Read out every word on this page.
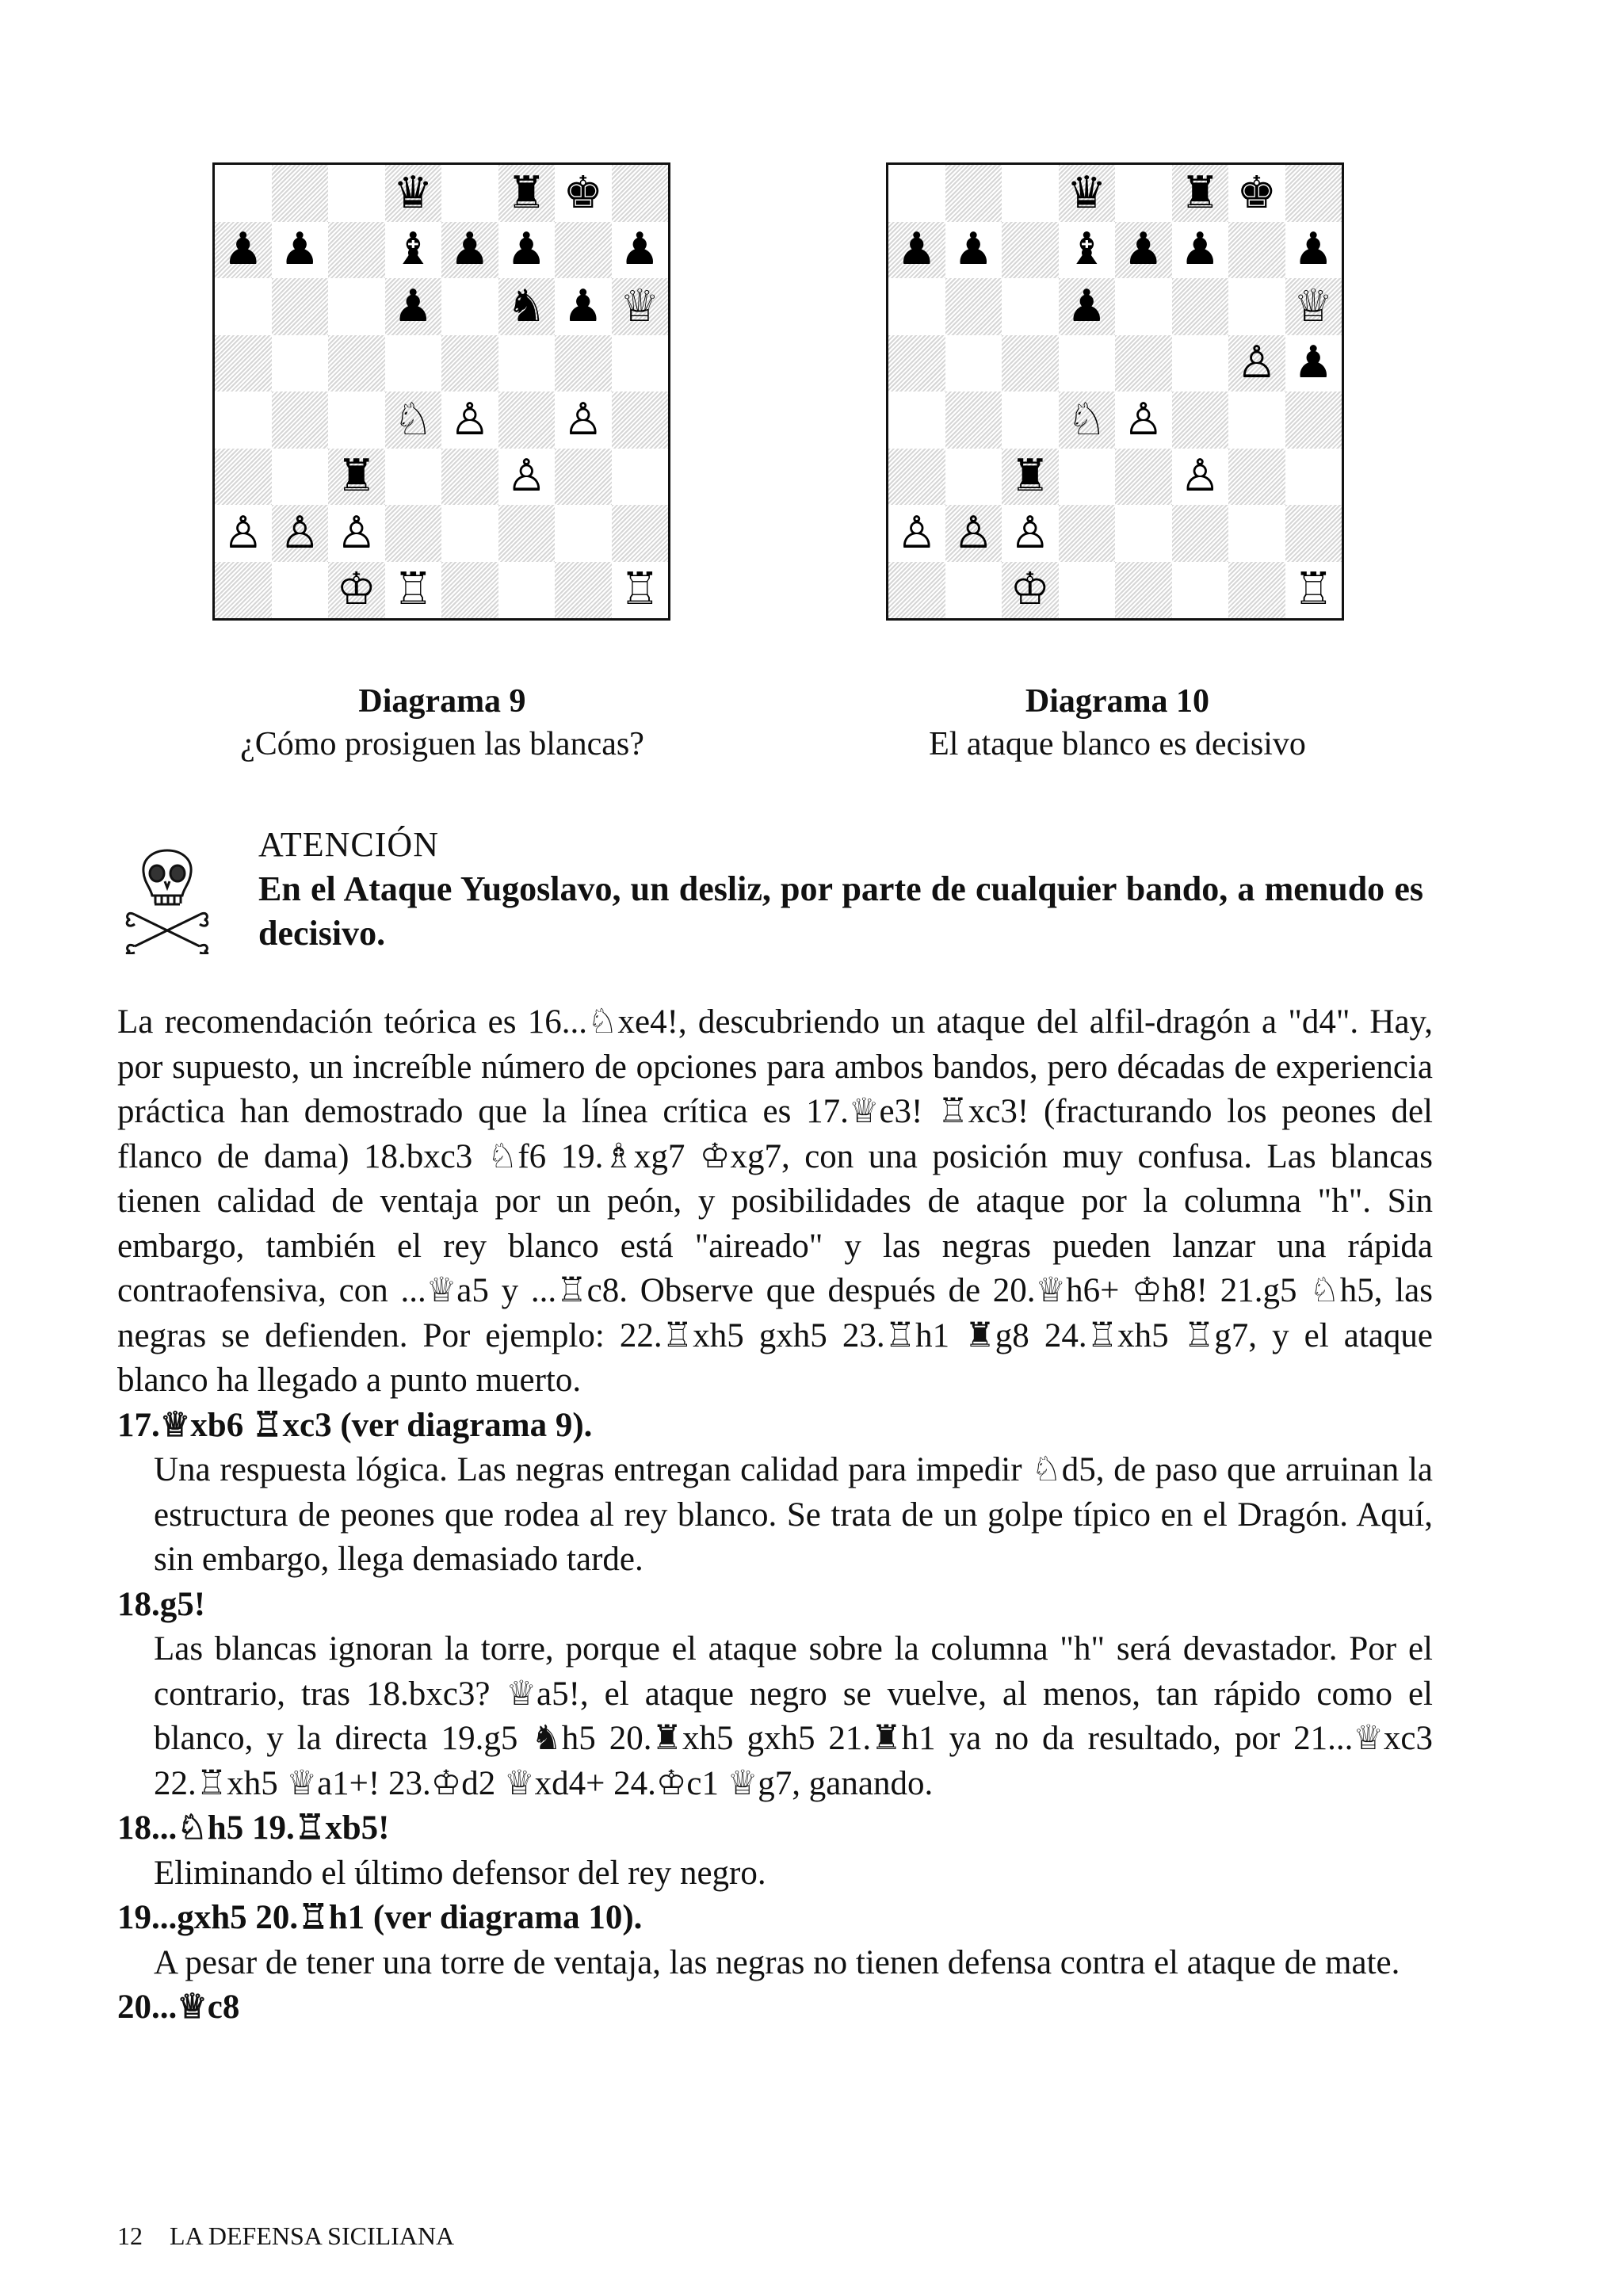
♛ ♜ ♚
♟ ♟ ♝ ♟ ♟ ♟
♟ ♞ ♟ ♕
♘ ♙ ♙
♜	♙
♙ ♙ ♙
♔ ♖	♖
♛ ♜ ♚
♟ ♟ ♝ ♟ ♟ ♟
♟	♕
♙ ♟
♘ ♙
♜	♙
♙ ♙ ♙
♔	♖
Diagrama 9
¿Cómo prosiguen las blancas?
Diagrama 10
El ataque blanco es decisivo
ATENCIÓN
En el Ataque Yugoslavo, un desliz, por parte de cualquier bando, a menudo es decisivo.

La recomendación teórica es 16...♘xe4!, descubriendo un ataque del alfil-dragón a "d4". Hay, por supuesto, un increíble número de opciones para ambos bandos, pero décadas de experiencia práctica han demostrado que la línea crítica es 17.♕e3! ♖xc3! (fracturando los peones del flanco de dama) 18.bxc3 ♘f6 19.♗xg7 ♔xg7, con una posición muy confusa. Las blancas tienen calidad de ventaja por un peón, y posibilidades de ataque por la columna "h". Sin embargo, también el rey blanco está "aireado" y las negras pueden lanzar una rápida contraofensiva, con ...♕a5 y ...♖c8. Observe que después de 20.♕h6+ ♔h8! 21.g5 ♘h5, las negras se defienden. Por ejemplo: 22.♖xh5 gxh5 23.♖h1 ♜g8 24.♖xh5 ♖g7, y el ataque blanco ha llegado a punto muerto.

17.♕xb6 ♖xc3 (ver diagrama 9).

Una respuesta lógica. Las negras entregan calidad para impedir ♘d5, de paso que arruinan la estructura de peones que rodea al rey blanco. Se trata de un golpe típico en el Dragón. Aquí, sin embargo, llega demasiado tarde.

18.g5!

Las blancas ignoran la torre, porque el ataque sobre la columna "h" será devastador. Por el contrario, tras 18.bxc3? ♕a5!, el ataque negro se vuelve, al menos, tan rápido como el blanco, y la directa 19.g5 ♞h5 20.♜xh5 gxh5 21.♜h1 ya no da resultado, por 21...♕xc3 22.♖xh5 ♕a1+! 23.♔d2 ♕xd4+ 24.♔c1 ♕g7, ganando.

18...♘h5 19.♖xb5!

Eliminando el último defensor del rey negro.

19...gxh5 20.♖h1 (ver diagrama 10).

A pesar de tener una torre de ventaja, las negras no tienen defensa contra el ataque de mate.

20...♕c8

12 LA DEFENSA SICILIANA
